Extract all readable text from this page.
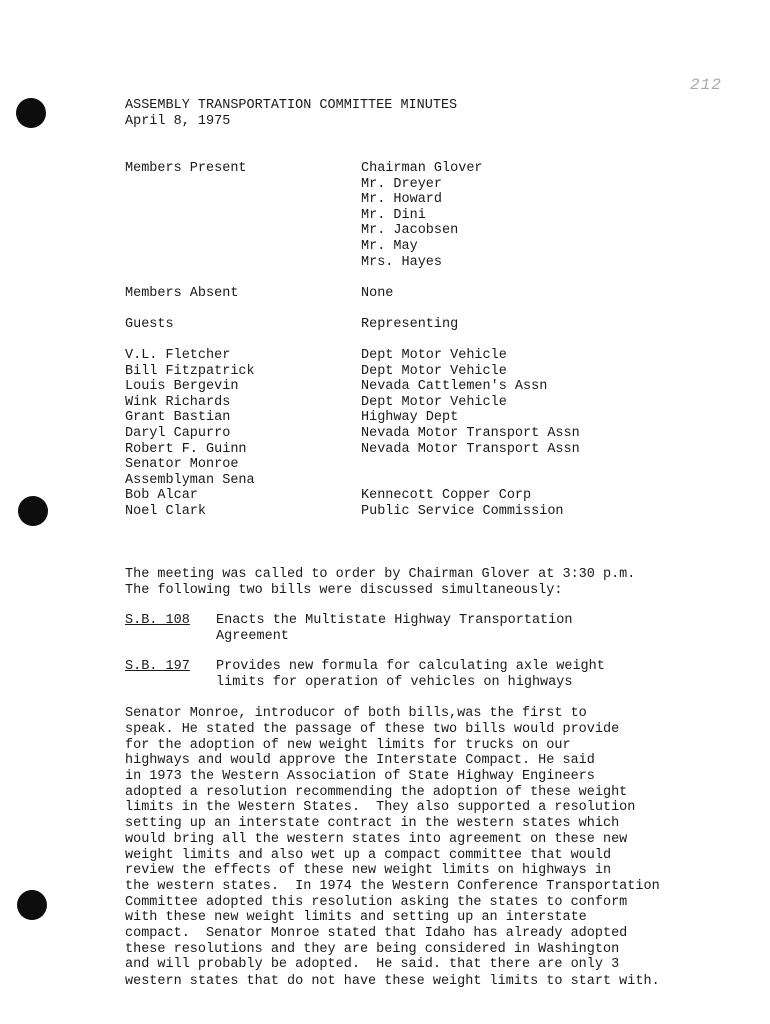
212
ASSEMBLY TRANSPORTATION COMMITTEE MINUTES
April 8, 1975
Members Present	Chairman Glover
Mr. Dreyer
Mr. Howard
Mr. Dini
Mr. Jacobsen
Mr. May
Mrs. Hayes
Members Absent	None
Guests	Representing
V.L. Fletcher	Dept Motor Vehicle
Bill Fitzpatrick	Dept Motor Vehicle
Louis Bergevin	Nevada Cattlemen's Assn
Wink Richards	Dept Motor Vehicle
Grant Bastian	Highway Dept
Daryl Capurro	Nevada Motor Transport Assn
Robert F. Guinn	Nevada Motor Transport Assn
Senator Monroe
Assemblyman Sena
Bob Alcar	Kennecott Copper Corp
Noel Clark	Public Service Commission
The meeting was called to order by Chairman Glover at 3:30 p.m.
The following two bills were discussed simultaneously:
S.B. 108 Enacts the Multistate Highway Transportation
Agreement
S.B. 197 Provides new formula for calculating axle weight
limits for operation of vehicles on highways
Senator Monroe, introducor of both bills,was the first to
speak. He stated the passage of these two bills would provide
for the adoption of new weight limits for trucks on our
highways and would approve the Interstate Compact. He said
in 1973 the Western Association of State Highway Engineers
adopted a resolution recommending the adoption of these weight
limits in the Western States.  They also supported a resolution
setting up an interstate contract in the western states which
would bring all the western states into agreement on these new
weight limits and also wet up a compact committee that would
review the effects of these new weight limits on highways in
the western states.  In 1974 the Western Conference Transportation
Committee adopted this resolution asking the states to conform
with these new weight limits and setting up an interstate
compact.  Senator Monroe stated that Idaho has already adopted
these resolutions and they are being considered in Washington
and will probably be adopted.  He said. that there are only 3
western states that do not have these weight limits to start with.
